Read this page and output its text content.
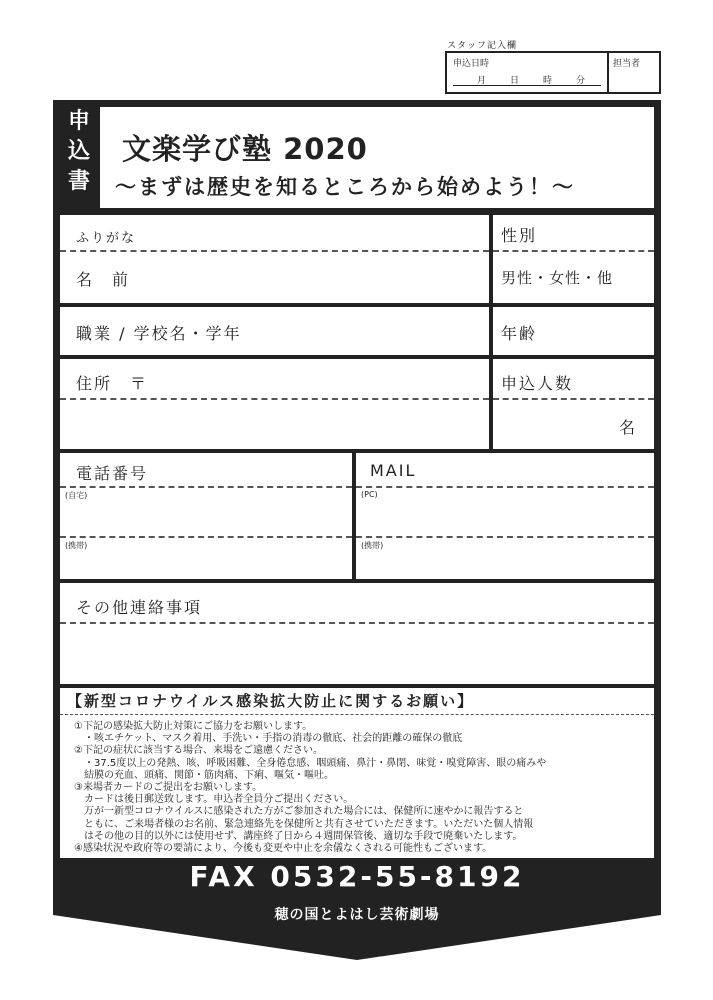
スタッフ記入欄
申込日時
月　　日　　時　　分
担当者
申込書
文楽学び塾 2020
～まずは歴史を知るところから始めよう！～
ふりがな
名　前
性別
男性・女性・他
職業 / 学校名・学年	年齢
住所　〒	申込人数
名
電話番号
(自宅)
(携帯)
MAIL
(PC)
(携帯)
その他連絡事項
【新型コロナウイルス感染拡大防止に関するお願い】
①下記の感染拡大防止対策にご協力をお願いします。
　・咳エチケット、マスク着用、手洗い・手指の消毒の徹底、社会的距離の確保の徹底
②下記の症状に該当する場合、来場をご遠慮ください。
　・37.5度以上の発熱、咳、呼吸困難、全身倦怠感、咽頭痛、鼻汁・鼻閉、味覚・嗅覚障害、眼の痛みや
　結膜の充血、頭痛、関節・筋肉痛、下痢、嘔気・嘔吐。
③来場者カードのご提出をお願いします。
　カードは後日郵送致します。申込者全員分ご提出ください。
　万が一新型コロナウイルスに感染された方がご参加された場合には、保健所に速やかに報告すると
　ともに、ご来場者様のお名前、緊急連絡先を保健所と共有させていただきます。いただいた個人情報
　はその他の目的以外には使用せず、講座終了日から４週間保管後、適切な手段で廃棄いたします。
④感染状況や政府等の要請により、今後も変更や中止を余儀なくされる可能性もございます。
FAX 0532-55-8192
穂の国とよはし芸術劇場
